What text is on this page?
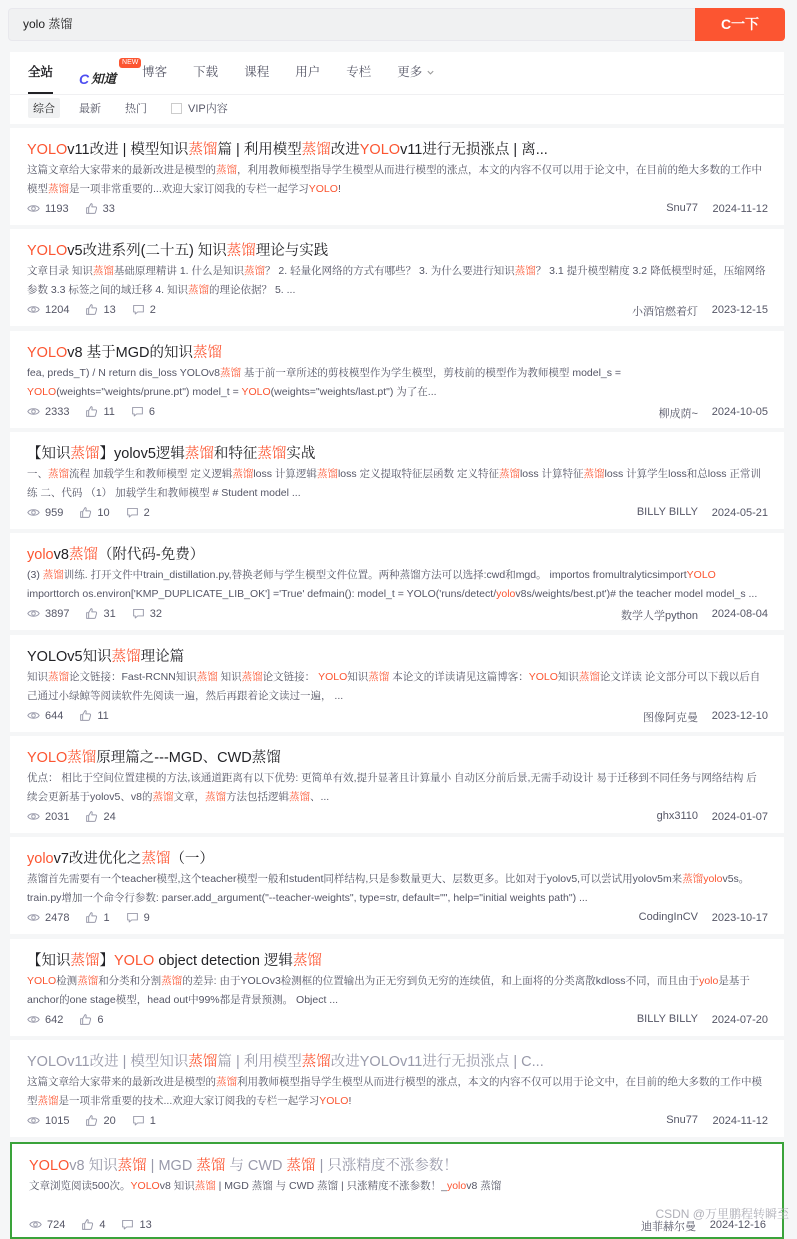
yolo 蒸馏	C一下
全站 C 知道
NEW
博客 下载 课程 用户 专栏 更多
综合	最新	热门	VIP内容
YOLOv11改进 | 模型知识蒸馏篇 | 利用模型蒸馏改进YOLOv11进行无损涨点 | 离...
这篇文章给大家带来的最新改进是模型的蒸馏，利用教师模型指导学生模型从而进行模型的涨点，本文的内容不仅可以用于论文中，在目前的绝大多数的工作中模型蒸馏是一项非常重要的...欢迎大家订阅我的专栏一起学习YOLO!
1193	33	Snu77 2024-11-12
YOLOv5改进系列(二十五) 知识蒸馏理论与实践
文章目录 知识蒸馏基础原理精讲 1. 什么是知识蒸馏？ 2. 轻量化网络的方式有哪些？ 3. 为什么要进行知识蒸馏？ 3.1 提升模型精度 3.2 降低模型时延，压缩网络参数 3.3 标签之间的域迁移 4. 知识蒸馏的理论依据？ 5. ...
1204	13	2	小酒馆燃着灯 2023-12-15
YOLOv8 基于MGD的知识蒸馏
fea, preds_T) / N return dis_loss YOLOv8蒸馏 基于前一章所述的剪枝模型作为学生模型，剪枝前的模型作为教师模型 model_s = YOLO(weights="weights/prune.pt") model_t = YOLO(weights="weights/last.pt") 为了在...
2333	11	6	柳成荫~ 2024-10-05
【知识蒸馏】yolov5逻辑蒸馏和特征蒸馏实战
一、蒸馏流程 加载学生和教师模型 定义逻辑蒸馏loss 计算逻辑蒸馏loss 定义提取特征层函数 定义特征蒸馏loss 计算特征蒸馏loss 计算学生loss和总loss 正常训练 二、代码 （1） 加载学生和教师模型 # Student model ...
959	10	2	BILLY BILLY 2024-05-21
yolov8蒸馏（附代码-免费）
(3) 蒸馏训练. 打开文件中train_distillation.py,替换老师与学生模型文件位置。两种蒸馏方法可以选择:cwd和mgd。 importos fromultralyticsimportYOLO importtorch os.environ['KMP_DUPLICATE_LIB_OK'] ='True' defmain(): model_t = YOLO('runs/detect/yolov8s/weights/best.pt')# the teacher model model_s ...
3897	31	32	数学人学python 2024-08-04
YOLOv5知识蒸馏理论篇
知识蒸馏论文链接：Fast-RCNN知识蒸馏 知识蒸馏论文链接： YOLO知识蒸馏 本论文的详读请见这篇博客：YOLO知识蒸馏论文详读 论文部分可以下载以后自己通过小绿鲸等阅读软件先阅读一遍，然后再跟着论文读过一遍， ...
644	11	图像阿克曼 2023-12-10
YOLO蒸馏原理篇之---MGD、CWD蒸馏
优点： 相比于空间位置建模的方法,该通道距离有以下优势: 更简单有效,提升显著且计算量小 自动区分前后景,无需手动设计 易于迁移到不同任务与网络结构 后续会更新基于yolov5、v8的蒸馏文章，蒸馏方法包括逻辑蒸馏、...
2031	24	ghx3110 2024-01-07
yolov7改进优化之蒸馏（一）
蒸馏首先需要有一个teacher模型,这个teacher模型一般和student同样结构,只是参数量更大、层数更多。比如对于yolov5,可以尝试用yolov5m来蒸馏yolov5s。 train.py增加一个命令行参数: parser.add_argument("--teacher-weights", type=str, default="", help="initial weights path") ...
2478	1	9	CodingInCV 2023-10-17
【知识蒸馏】YOLO object detection 逻辑蒸馏
YOLO检测蒸馏和分类和分割蒸馏的差异: 由于YOLOv3检测框的位置输出为正无穷到负无穷的连续值，和上面将的分类离散kdloss不同，而且由于yolo是基于anchor的one stage模型，head out中99%都是背景预测。 Object ...
642	6	BILLY BILLY 2024-07-20
YOLOv11改进 | 模型知识蒸馏篇 | 利用模型蒸馏改进YOLOv11进行无损涨点 | C...
这篇文章给大家带来的最新改进是模型的蒸馏利用教师模型指导学生模型从而进行模型的涨点，本文的内容不仅可以用于论文中，在目前的绝大多数的工作中模型蒸馏是一项非常重要的技术...欢迎大家订阅我的专栏一起学习YOLO!
1015	20	1	Snu77 2024-11-12
YOLOv8 知识蒸馏 | MGD 蒸馏 与 CWD 蒸馏 | 只涨精度不涨参数！
文章浏览阅读500次。YOLOv8 知识蒸馏 | MGD 蒸馏 与 CWD 蒸馏 | 只涨精度不涨参数！_yolov8 蒸馏
724	4	13	迪菲赫尔曼 2024-12-16
CSDN @万里鹏程转瞬至
